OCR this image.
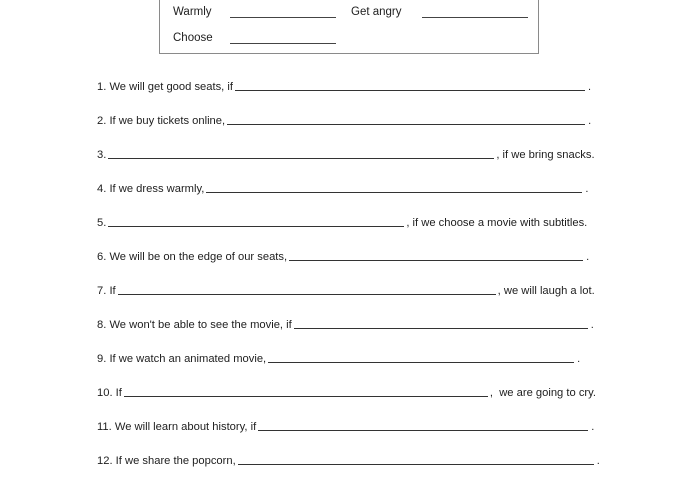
Warmly	Get angry
Choose
1.
We will get good seats, if	.
2.
If we buy tickets online,	.
3.	, if we bring snacks.
4.
If we dress warmly,	.
5.	, if we choose a movie with subtitles.
6.
We will be on the edge of our seats,	.
7.
If	, we will laugh a lot.
8.
We won't be able to see the movie, if	.
9.
If we watch an animated movie,	.
10.
If	,  we are going to cry.
11.
We will learn about history, if	.
12.
If we share the popcorn,	.
